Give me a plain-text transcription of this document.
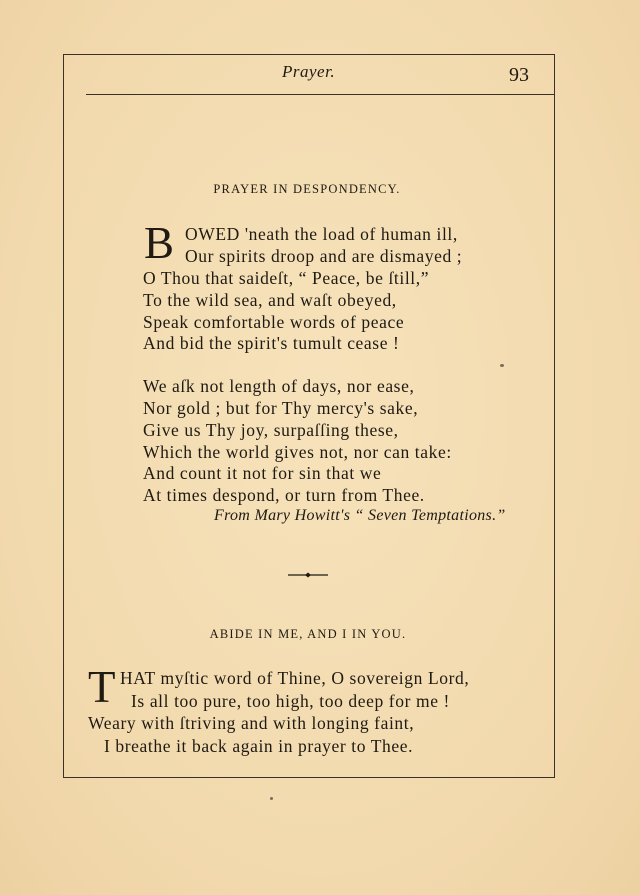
Prayer.	93
PRAYER IN DESPONDENCY.
B OWED 'neath the load of human ill,
Our spirits droop and are dismayed ;
O Thou that saideſt, “ Peace, be ſtill,”
To the wild sea, and waſt obeyed,
Speak comfortable words of peace
And bid the spirit's tumult cease !
We aſk not length of days, nor ease,
Nor gold ; but for Thy mercy's sake,
Give us Thy joy, surpaſſing these,
Which the world gives not, nor can take:
And count it not for sin that we
At times despond, or turn from Thee.
From Mary Howitt's “ Seven Temptations.”
ABIDE IN ME, AND I IN YOU.
T HAT myſtic word of Thine, O sovereign Lord,
Is all too pure, too high, too deep for me !
Weary with ſtriving and with longing faint,
I breathe it back again in prayer to Thee.
